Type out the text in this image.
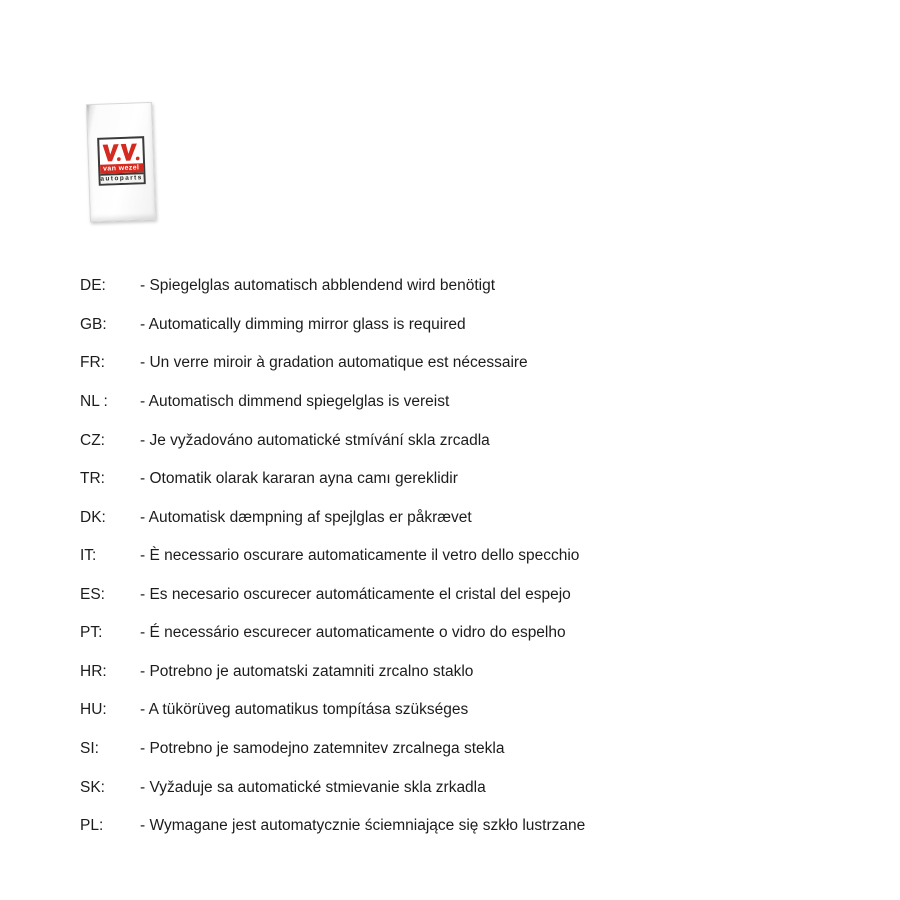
van wezel
autoparts
DE:	- Spiegelglas automatisch abblendend wird benötigt
GB:	- Automatically dimming mirror glass is required
FR:	- Un verre miroir à gradation automatique est nécessaire
NL :	- Automatisch dimmend spiegelglas is vereist
CZ:	- Je vyžadováno automatické stmívání skla zrcadla
TR:	- Otomatik olarak kararan ayna camı gereklidir
DK:	- Automatisk dæmpning af spejlglas er påkrævet
IT:	- È necessario oscurare automaticamente il vetro dello specchio
ES:	- Es necesario oscurecer automáticamente el cristal del espejo
PT:	- É necessário escurecer automaticamente o vidro do espelho
HR:	- Potrebno je automatski zatamniti zrcalno staklo
HU:	- A tükörüveg automatikus tompítása szükséges
SI:	- Potrebno je samodejno zatemnitev zrcalnega stekla
SK:	- Vyžaduje sa automatické stmievanie skla zrkadla
PL:	- Wymagane jest automatycznie ściemniające się szkło lustrzane
